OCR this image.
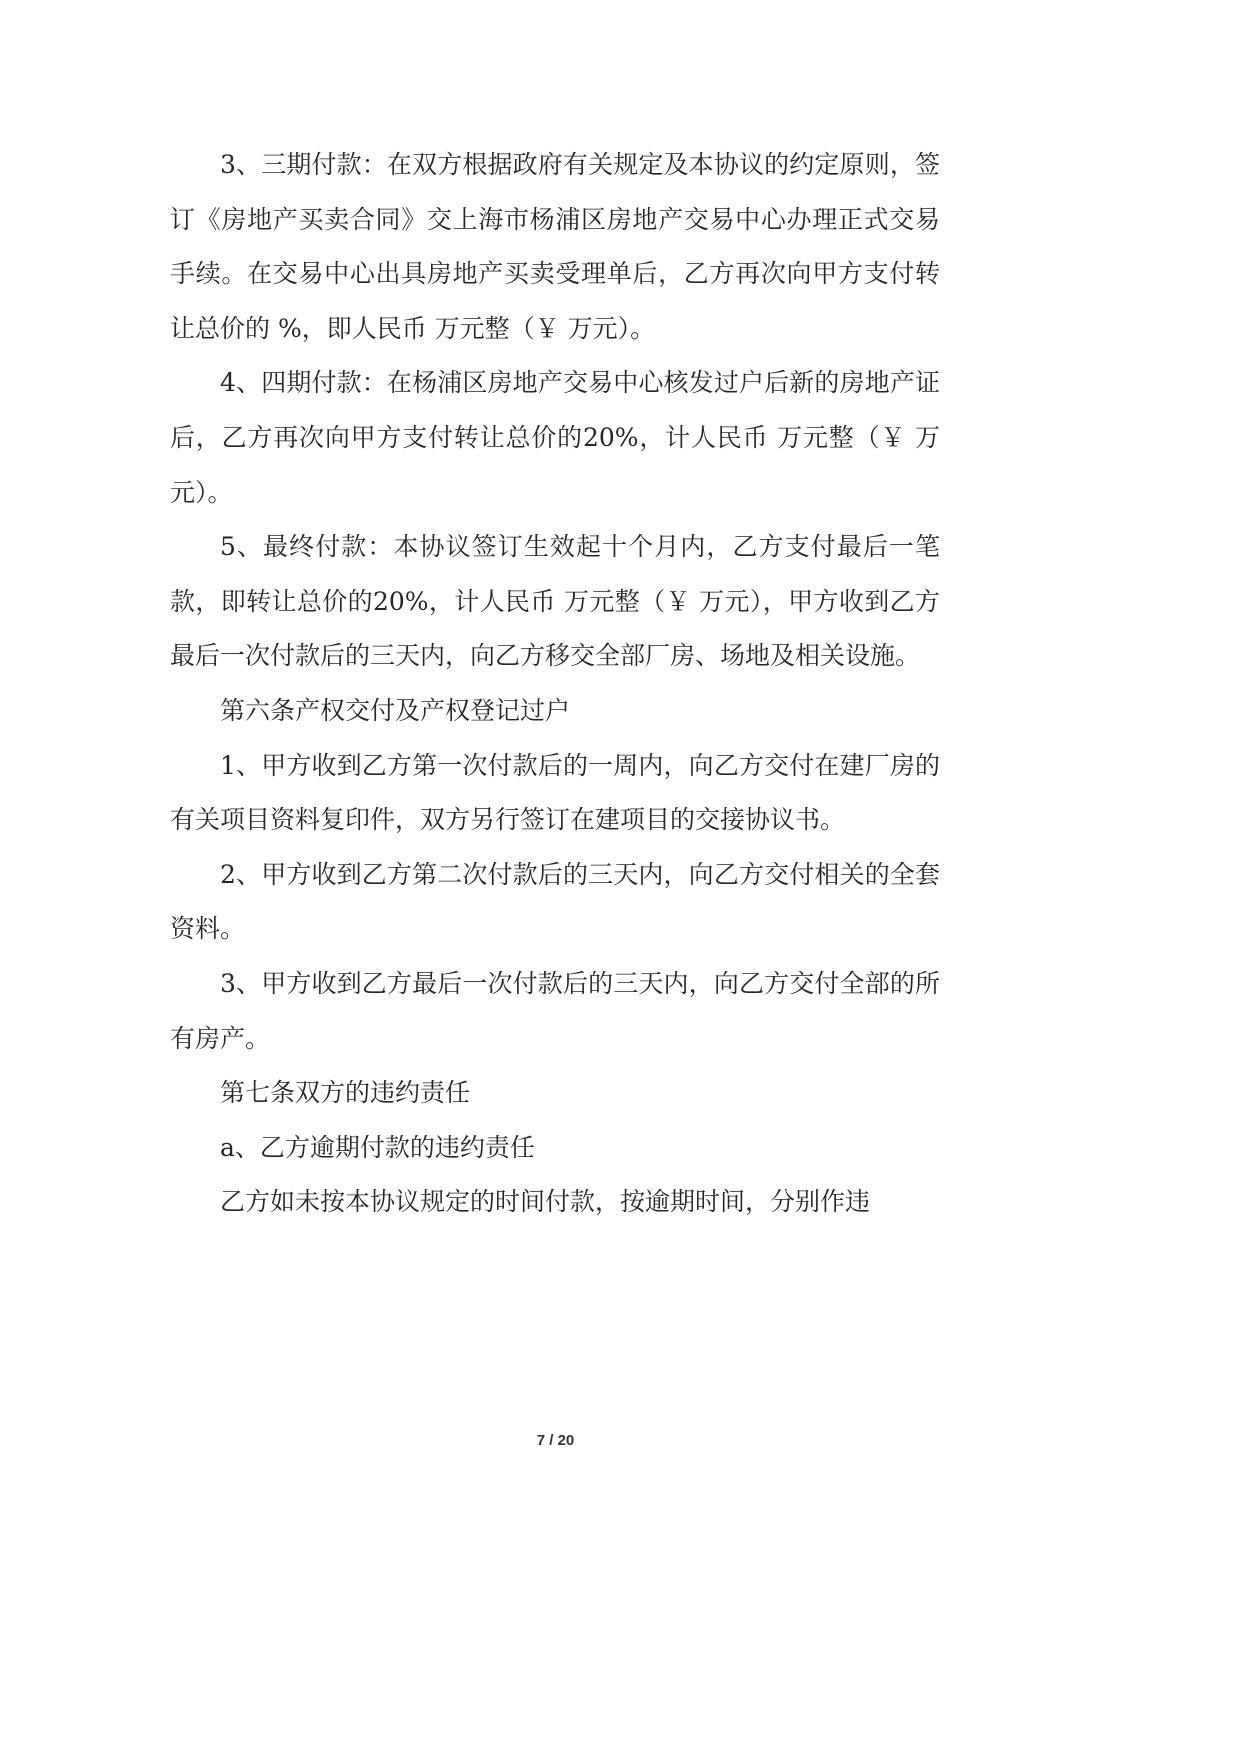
3、三期付款：在双方根据政府有关规定及本协议的约定原则，签订《房地产买卖合同》交上海市杨浦区房地产交易中心办理正式交易手续。在交易中心出具房地产买卖受理单后，乙方再次向甲方支付转让总价的 %，即人民币 万元整（￥ 万元）。

4、四期付款：在杨浦区房地产交易中心核发过户后新的房地产证后，乙方再次向甲方支付转让总价的20%，计人民币 万元整（￥ 万元）。

5、最终付款：本协议签订生效起十个月内，乙方支付最后一笔款，即转让总价的20%，计人民币 万元整（￥ 万元），甲方收到乙方最后一次付款后的三天内，向乙方移交全部厂房、场地及相关设施。

第六条产权交付及产权登记过户

1、甲方收到乙方第一次付款后的一周内，向乙方交付在建厂房的有关项目资料复印件，双方另行签订在建项目的交接协议书。

2、甲方收到乙方第二次付款后的三天内，向乙方交付相关的全套资料。

3、甲方收到乙方最后一次付款后的三天内，向乙方交付全部的所有房产。

第七条双方的违约责任

a、乙方逾期付款的违约责任

乙方如未按本协议规定的时间付款，按逾期时间，分别作违

7 / 20
